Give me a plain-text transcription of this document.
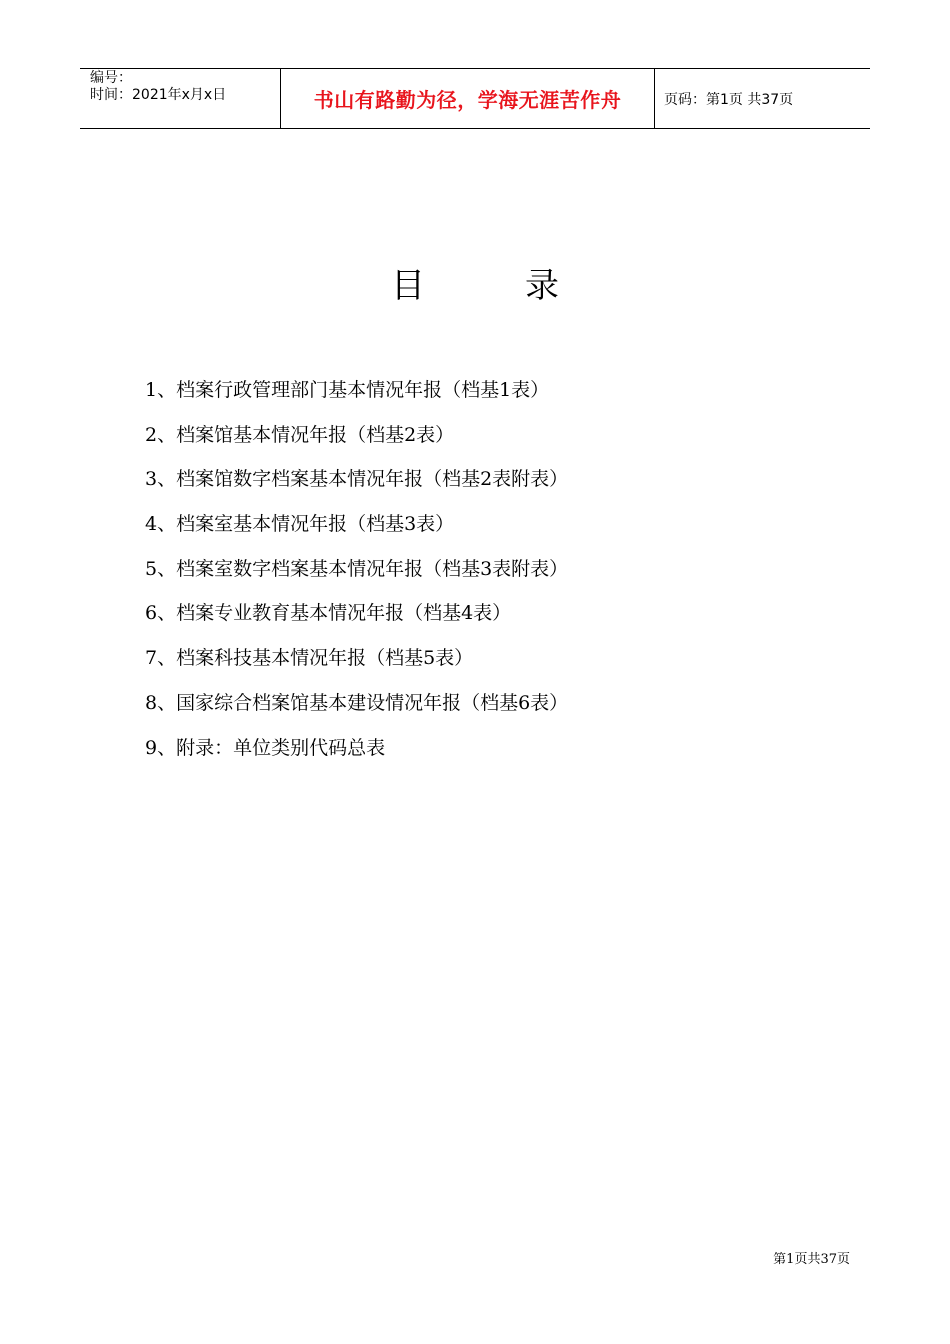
编号：
时间：2021年x月x日	书山有路勤为径，学海无涯苦作舟	页码：第1页 共37页
目	录
1、档案行政管理部门基本情况年报（档基1表）
2、档案馆基本情况年报（档基2表）
3、档案馆数字档案基本情况年报（档基2表附表）
4、档案室基本情况年报（档基3表）
5、档案室数字档案基本情况年报（档基3表附表）
6、档案专业教育基本情况年报（档基4表）
7、档案科技基本情况年报（档基5表）
8、国家综合档案馆基本建设情况年报（档基6表）
9、附录：单位类别代码总表
第1页共37页
